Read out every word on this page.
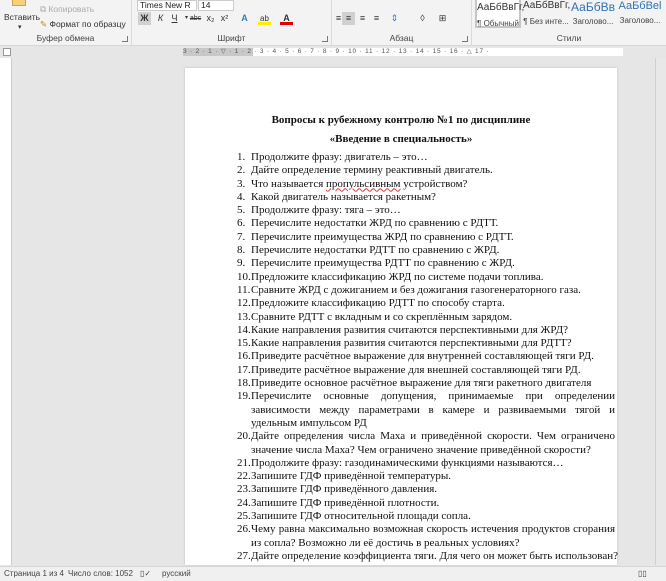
Вставить
▾
⧉ Копировать
✎ Формат по образцу
Буфер обмена
Times New R	14
Ж	К Ч	▾ abc x₂ x²	A	ab	A
Шрифт
≡ ≡ ≡ ≡	⇕	◊	⊞
Абзац
АаБбВвГг,
¶ Обычный
АаБбВвГг,
¶ Без инте...
АаБбВв
Заголово...
АаБбВеl
Заголово...
Стили
3 · 2 · 1 · ▽ · 1 · 2 · 3 · 4 · 5 · 6 · 7 · 8 · 9 · 10 · 11 · 12 · 13 · 14 · 15 · 16 · △ 17 ·
Вопросы к рубежному контролю №1 по дисциплине
«Введение в специальность»
1. Продолжите фразу: двигатель – это…
2. Дайте определение термину реактивный двигатель.
3. Что называется пропульсивным устройством?
4. Какой двигатель называется ракетным?
5. Продолжите фразу: тяга – это…
6. Перечислите недостатки ЖРД по сравнению с РДТТ.
7. Перечислите преимущества ЖРД по сравнению с РДТТ.
8. Перечислите недостатки РДТТ по сравнению с ЖРД.
9. Перечислите преимущества РДТТ по сравнению с ЖРД.
10. Предложите классификацию ЖРД по системе подачи топлива.
11. Сравните ЖРД с дожиганием и без дожигания газогенераторного газа.
12. Предложите классификацию РДТТ по способу старта.
13. Сравните РДТТ с вкладным и со скреплённым зарядом.
14. Какие направления развития считаются перспективными для ЖРД?
15. Какие направления развития считаются перспективными для РДТТ?
16. Приведите расчётное выражение для внутренней составляющей тяги РД.
17. Приведите расчётное выражение для внешней составляющей тяги РД.
18. Приведите основное расчётное выражение для тяги ракетного двигателя
19. Перечислите основные допущения, принимаемые при определении зависимости между параметрами в камере и развиваемыми тягой и удельным импульсом РД
20. Дайте определения числа Маха и приведённой скорости. Чем ограничено значение числа Маха? Чем ограничено значение приведённой скорости?
21. Продолжите фразу: газодинамическими функциями называются…
22. Запишите ГДФ приведённой температуры.
23. Запишите ГДФ приведённого давления.
24. Запишите ГДФ приведённой плотности.
25. Запишите ГДФ относительной площади сопла.
26. Чему равна максимально возможная скорость истечения продуктов сгорания из сопла? Возможно ли её достичь в реальных условиях?
27. Дайте определение коэффициента тяги. Для чего он может быть использован?
Страница 1 из 4 Число слов: 1052 ▯✓ русский	▯▯
